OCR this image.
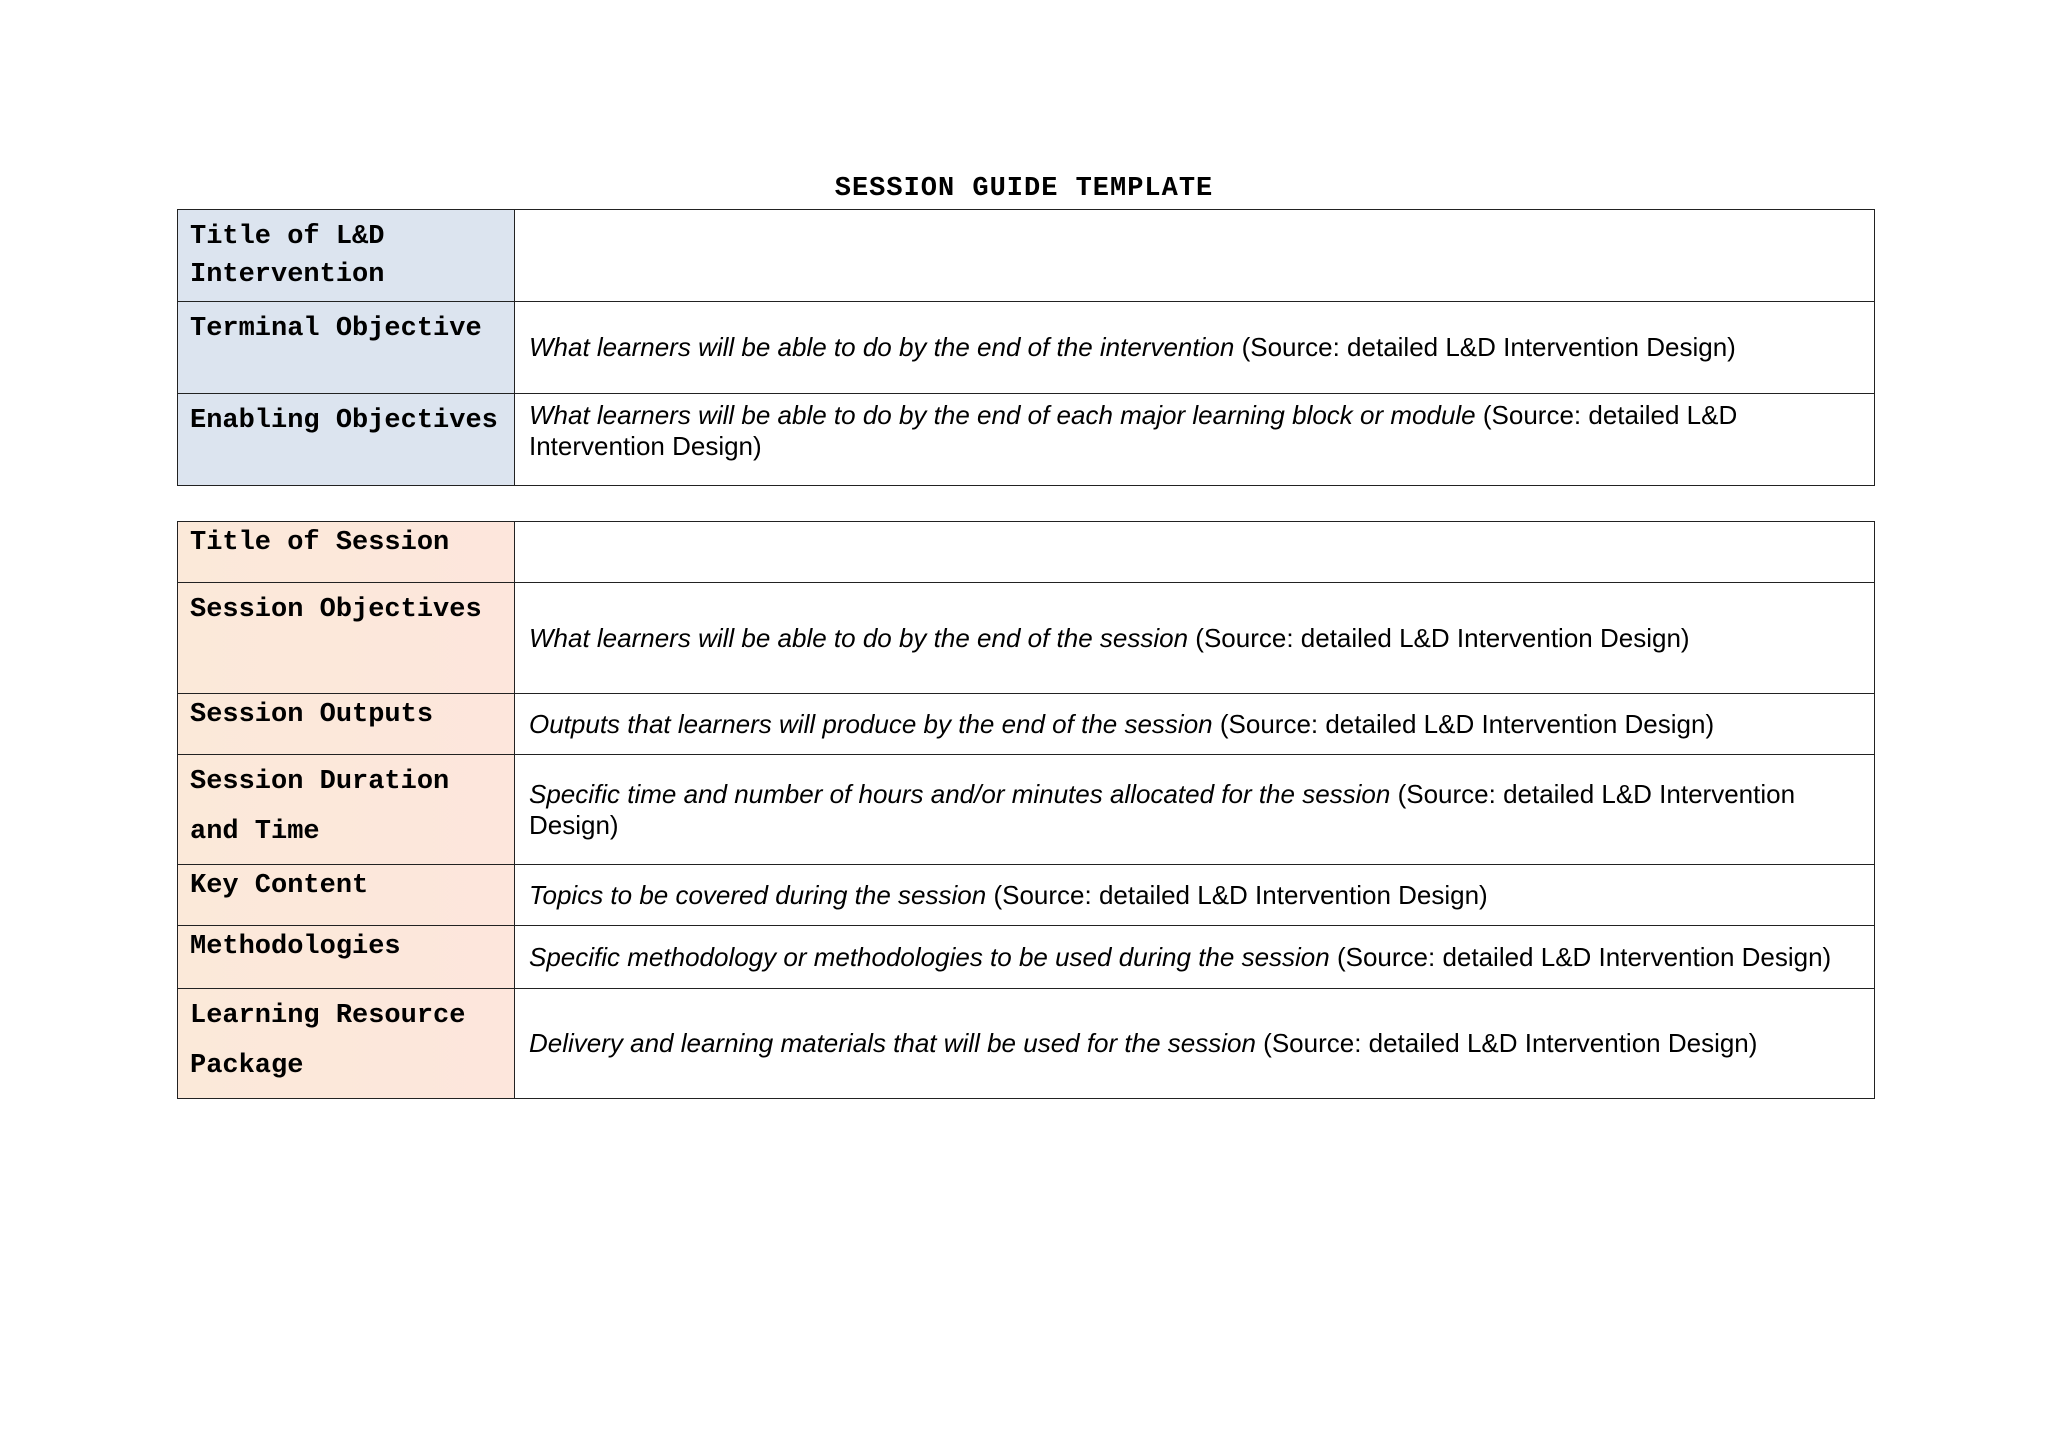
SESSION GUIDE TEMPLATE
Title of L&D Intervention	

Terminal Objective	What learners will be able to do by the end of the intervention (Source: detailed L&D Intervention Design)

Enabling Objectives	What learners will be able to do by the end of each major learning block or module (Source: detailed L&D Intervention Design)
Title of Session	

Session Objectives	What learners will be able to do by the end of the session (Source: detailed L&D Intervention Design)

Session Outputs	Outputs that learners will produce by the end of the session (Source: detailed L&D Intervention Design)

Session Duration and Time	Specific time and number of hours and/or minutes allocated for the session (Source: detailed L&D Intervention Design)

Key Content	Topics to be covered during the session (Source: detailed L&D Intervention Design)

Methodologies	Specific methodology or methodologies to be used during the session (Source: detailed L&D Intervention Design)

Learning Resource Package	Delivery and learning materials that will be used for the session (Source: detailed L&D Intervention Design)
